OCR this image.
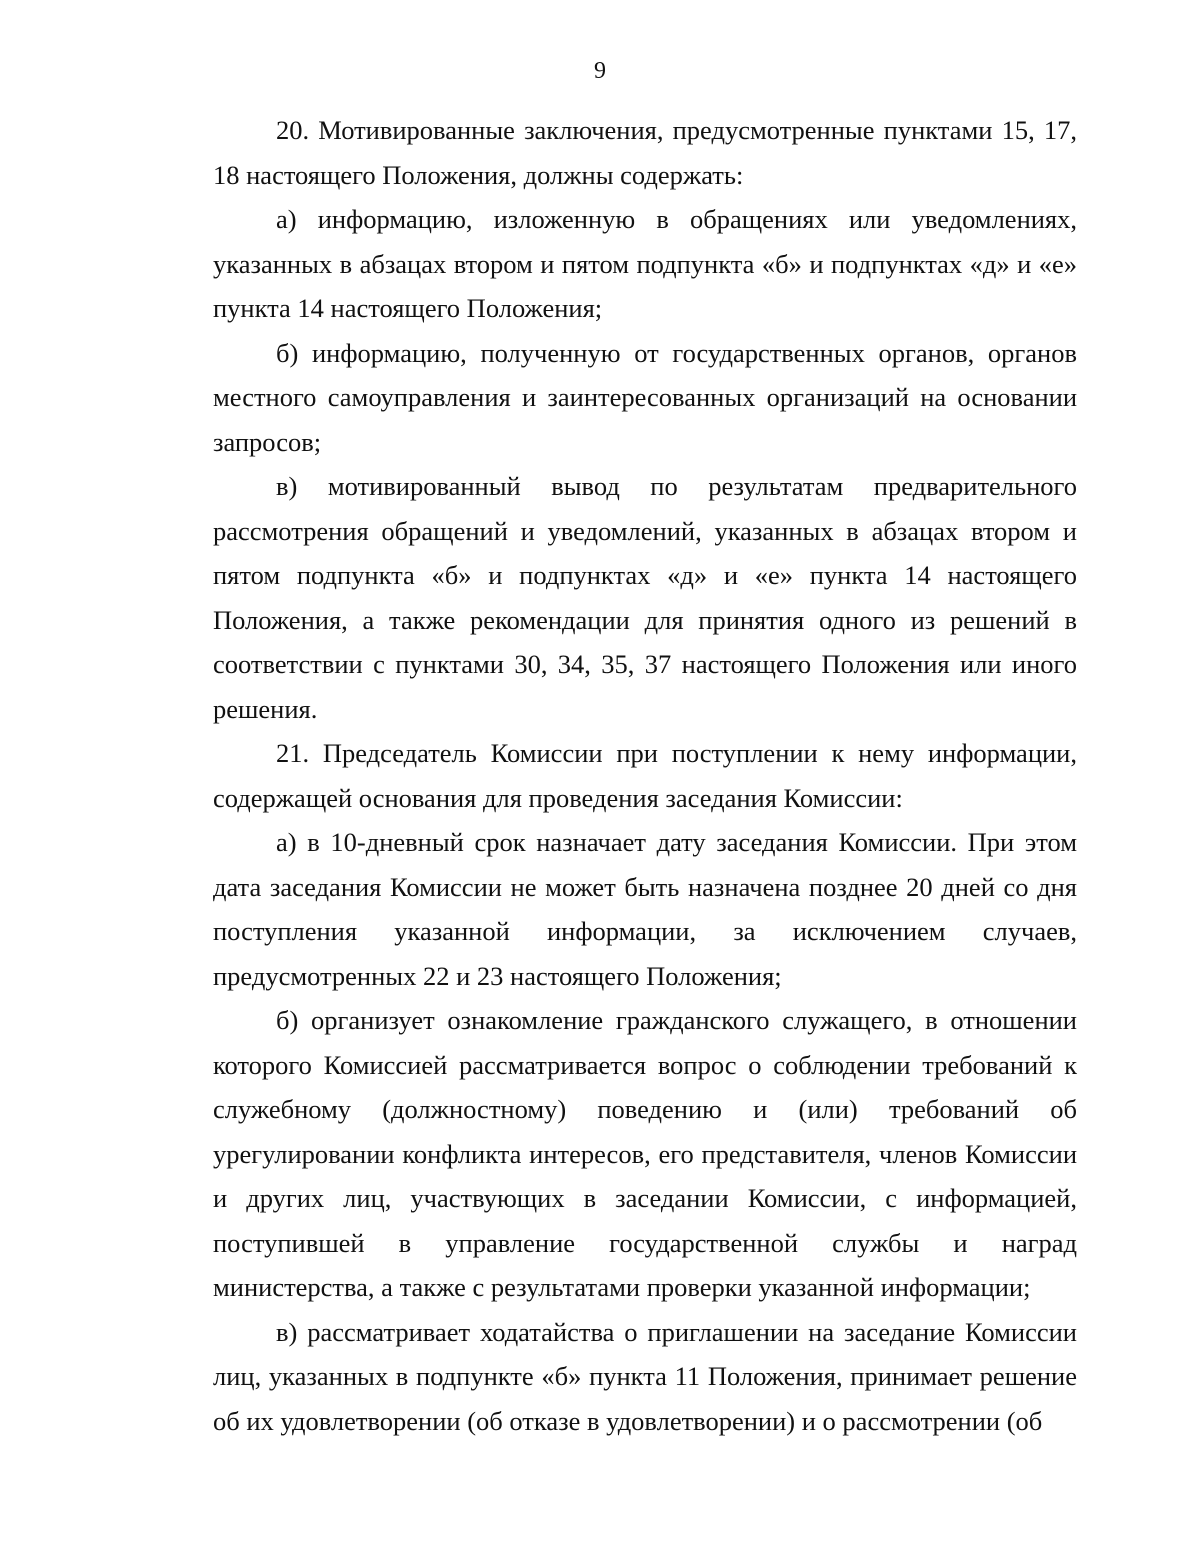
9

20. Мотивированные заключения, предусмотренные пунктами 15, 17, 18 настоящего Положения, должны содержать:

а) информацию, изложенную в обращениях или уведомлениях, указанных в абзацах втором и пятом подпункта «б» и подпунктах «д» и «е» пункта 14 настоящего Положения;

б) информацию, полученную от государственных органов, органов местного самоуправления и заинтересованных организаций на основании запросов;

в) мотивированный вывод по результатам предварительного рассмотрения обращений и уведомлений, указанных в абзацах втором и пятом подпункта «б» и подпунктах «д» и «е» пункта 14 настоящего Положения, а также рекомендации для принятия одного из решений в соответствии с пунктами 30, 34, 35, 37 настоящего Положения или иного решения.

21. Председатель Комиссии при поступлении к нему информации, содержащей основания для проведения заседания Комиссии:

а) в 10-дневный срок назначает дату заседания Комиссии. При этом дата заседания Комиссии не может быть назначена позднее 20 дней со дня поступления указанной информации, за исключением случаев, предусмотренных 22 и 23 настоящего Положения;

б) организует ознакомление гражданского служащего, в отношении которого Комиссией рассматривается вопрос о соблюдении требований к служебному (должностному) поведению и (или) требований об урегулировании конфликта интересов, его представителя, членов Комиссии и других лиц, участвующих в заседании Комиссии, с информацией, поступившей в управление государственной службы и наград министерства, а также с результатами проверки указанной информации;

в) рассматривает ходатайства о приглашении на заседание Комиссии лиц, указанных в подпункте «б» пункта 11 Положения, принимает решение об их удовлетворении (об отказе в удовлетворении) и о рассмотрении (об
